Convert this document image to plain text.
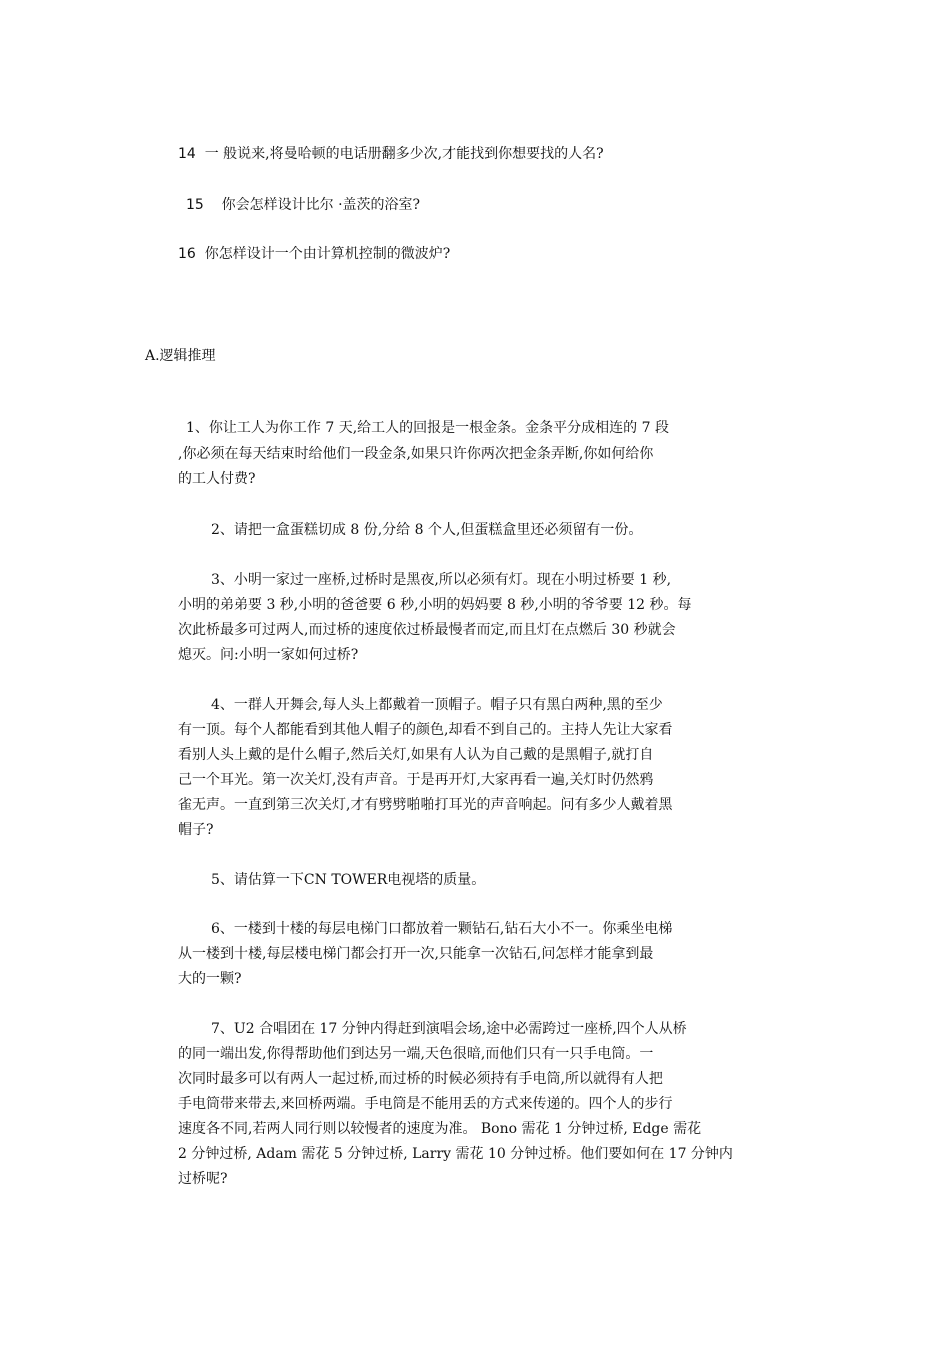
14 一 般说来,将曼哈顿的电话册翻多少次,才能找到你想要找的人名?
15 你会怎样设计比尔 ·盖茨的浴室?
16 你怎样设计一个由计算机控制的微波炉?
A.逻辑推理
1、你让工人为你工作 7 天,给工人的回报是一根金条。金条平分成相连的 7 段
,你必须在每天结束时给他们一段金条,如果只许你两次把金条弄断,你如何给你
的工人付费?
2、请把一盒蛋糕切成 8 份,分给 8 个人,但蛋糕盒里还必须留有一份。
3、小明一家过一座桥,过桥时是黑夜,所以必须有灯。现在小明过桥要 1 秒,
小明的弟弟要 3 秒,小明的爸爸要 6 秒,小明的妈妈要 8 秒,小明的爷爷要 12 秒。每
次此桥最多可过两人,而过桥的速度依过桥最慢者而定,而且灯在点燃后 30 秒就会
熄灭。问:小明一家如何过桥?
4、一群人开舞会,每人头上都戴着一顶帽子。帽子只有黑白两种,黑的至少
有一顶。每个人都能看到其他人帽子的颜色,却看不到自己的。主持人先让大家看
看别人头上戴的是什么帽子,然后关灯,如果有人认为自己戴的是黑帽子,就打自
己一个耳光。第一次关灯,没有声音。于是再开灯,大家再看一遍,关灯时仍然鸦
雀无声。一直到第三次关灯,才有劈劈啪啪打耳光的声音响起。问有多少人戴着黑
帽子?
5、请估算一下CN TOWER电视塔的质量。
6、一楼到十楼的每层电梯门口都放着一颗钻石,钻石大小不一。你乘坐电梯
从一楼到十楼,每层楼电梯门都会打开一次,只能拿一次钻石,问怎样才能拿到最
大的一颗?
7、U2 合唱团在 17 分钟内得赶到演唱会场,途中必需跨过一座桥,四个人从桥
的同一端出发,你得帮助他们到达另一端,天色很暗,而他们只有一只手电筒。一
次同时最多可以有两人一起过桥,而过桥的时候必须持有手电筒,所以就得有人把
手电筒带来带去,来回桥两端。手电筒是不能用丢的方式来传递的。四个人的步行
速度各不同,若两人同行则以较慢者的速度为准。 Bono 需花 1 分钟过桥, Edge 需花
2 分钟过桥, Adam 需花 5 分钟过桥, Larry 需花 10 分钟过桥。他们要如何在 17 分钟内
过桥呢?
